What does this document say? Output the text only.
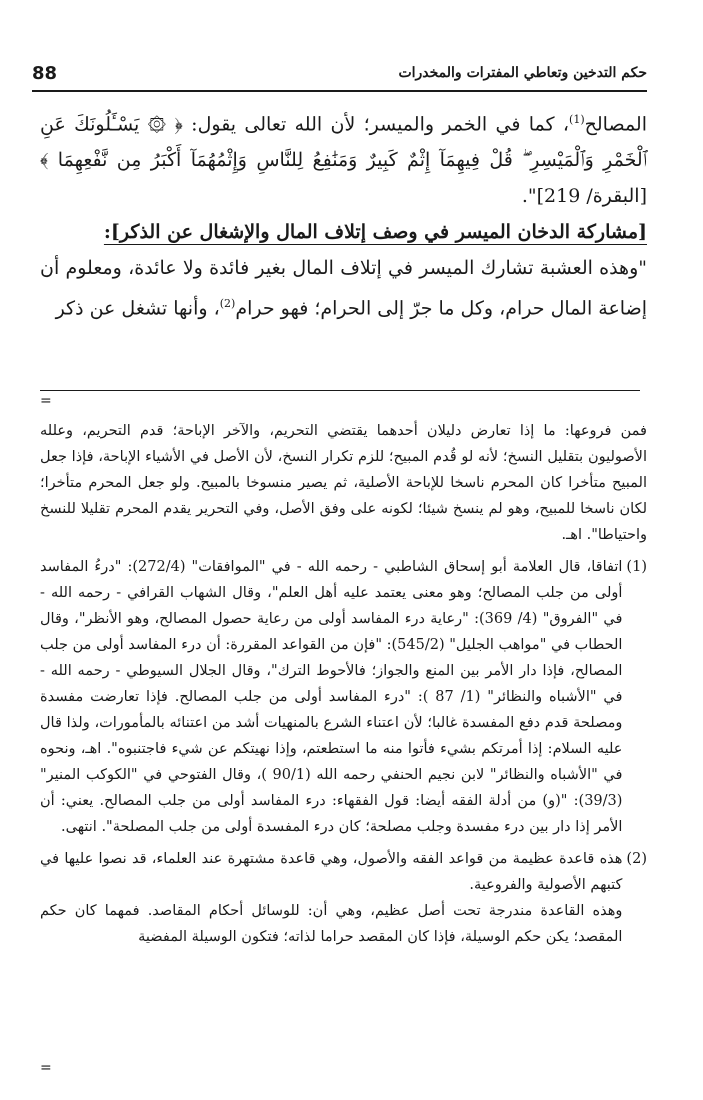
88	حكم التدخين وتعاطي المفترات والمخدرات

المصالح$^{(1)}$، كما في الخمر والميسر؛ لأن الله تعالى يقول: ﴿ ۞ يَسْـَٔلُونَكَ عَنِ ٱلْخَمْرِ وَٱلْمَيْسِرِ ۖ قُلْ فِيهِمَآ إِثْمٌ كَبِيرٌ وَمَنَٰفِعُ لِلنَّاسِ وَإِثْمُهُمَآ أَكْبَرُ مِن نَّفْعِهِمَا ﴾ [البقرة/ 219]".

[مشاركة الدخان الميسر في وصف إتلاف المال والإشغال عن الذكر]:

"وهذه العشبة تشارك الميسر في إتلاف المال بغير فائدة ولا عائدة، ومعلوم أن إضاعة المال حرام، وكل ما جرّ إلى الحرام؛ فهو حرام$^{(2)}$، وأنها تشغل عن ذكر

=

فمن فروعها: ما إذا تعارض دليلان أحدهما يقتضي التحريم، والآخر الإباحة؛ قدم التحريم، وعلله الأصوليون بتقليل النسخ؛ لأنه لو قُدم المبيح؛ للزم تكرار النسخ، لأن الأصل في الأشياء الإباحة، فإذا جعل المبيح متأخرا كان المحرم ناسخا للإباحة الأصلية، ثم يصير منسوخا بالمبيح. ولو جعل المحرم متأخرا؛ لكان ناسخا للمبيح، وهو لم ينسخ شيئا؛ لكونه على وفق الأصل، وفي التحرير يقدم المحرم تقليلا للنسخ واحتياطا". اهـ.

(1)
اتفاقا، قال العلامة أبو إسحاق الشاطبي - رحمه الله - في "الموافقات" (272/4): "درءُ المفاسد أولى من جلب المصالح؛ وهو معنى يعتمد عليه أهل العلم"، وقال الشهاب القرافي - رحمه الله - في "الفروق" (4/ 369): "رعاية درء المفاسد أولى من رعاية حصول المصالح، وهو الأنظر"، وقال الحطاب في "مواهب الجليل" (545/2): "فإن من القواعد المقررة: أن درء المفاسد أولى من جلب المصالح، فإذا دار الأمر بين المنع والجواز؛ فالأحوط الترك"، وقال الجلال السيوطي - رحمه الله - في "الأشباه والنظائر" (1/ 87 ): "درء المفاسد أولى من جلب المصالح. فإذا تعارضت مفسدة ومصلحة قدم دفع المفسدة غالبا؛ لأن اعتناء الشرع بالمنهيات أشد من اعتنائه بالمأمورات، ولذا قال عليه السلام: إذا أمرتكم بشيء فأتوا منه ما استطعتم، وإذا نهيتكم عن شيء فاجتنبوه". اهـ، ونحوه في "الأشباه والنظائر" لابن نجيم الحنفي رحمه الله (90/1 )، وقال الفتوحي في "الكوكب المنير" (39/3): "(و) من أدلة الفقه أيضا: قول الفقهاء: درء المفاسد أولى من جلب المصالح. يعني: أن الأمر إذا دار بين درء مفسدة وجلب مصلحة؛ كان درء المفسدة أولى من جلب المصلحة". انتهى.
(2)
هذه قاعدة عظيمة من قواعد الفقه والأصول، وهي قاعدة مشتهرة عند العلماء، قد نصوا عليها في كتبهم الأصولية والفروعية.
وهذه القاعدة مندرجة تحت أصل عظيم، وهي أن: للوسائل أحكام المقاصد. فمهما كان حكم المقصد؛ يكن حكم الوسيلة، فإذا كان المقصد حراما لذاته؛ فتكون الوسيلة المفضية
=
